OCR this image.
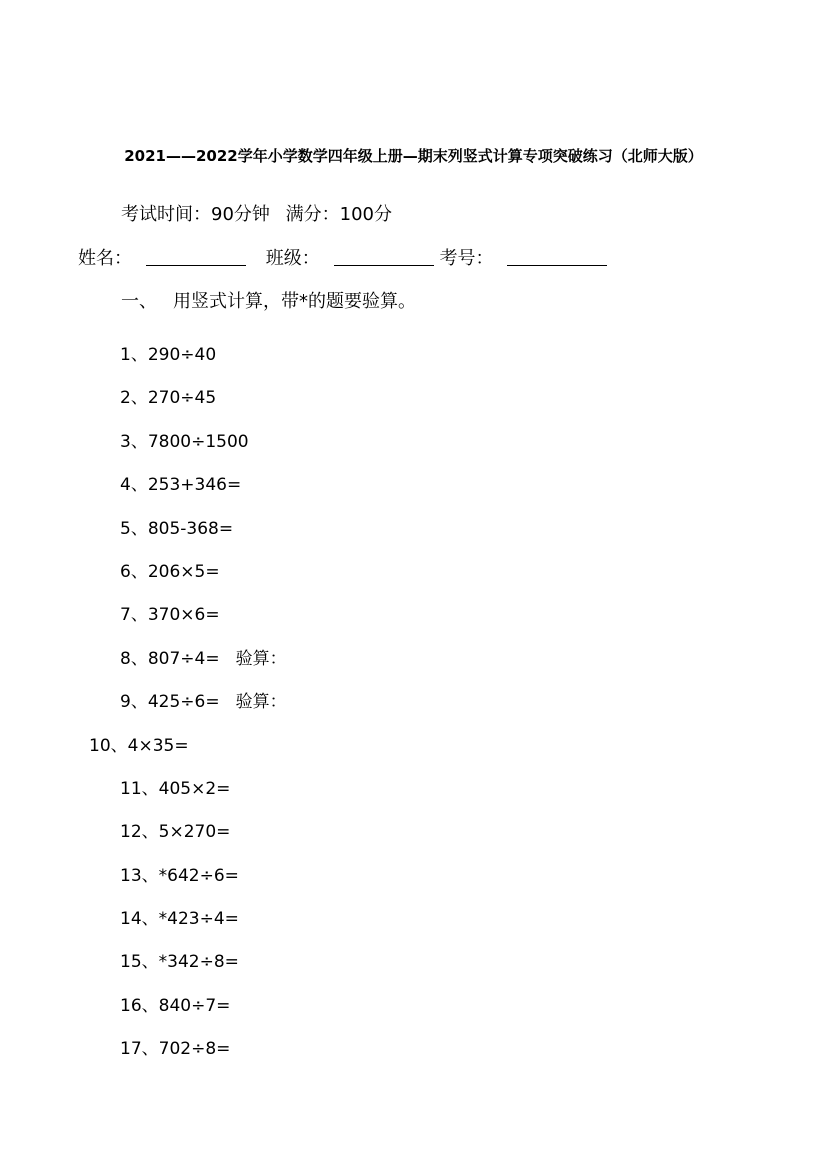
2021——2022学年小学数学四年级上册—期末列竖式计算专项突破练习（北师大版）
考试时间：90分钟 满分：100分
姓名：	班级：	考号：
一、 用竖式计算，带*的题要验算。
1、290÷40
2、270÷45
3、7800÷1500
4、253+346=
5、805-368=
6、206×5=
7、370×6=
8、807÷4= 验算：
9、425÷6= 验算：
10、4×35=
11、405×2=
12、5×270=
13、*642÷6=
14、*423÷4=
15、*342÷8=
16、840÷7=
17、702÷8=
